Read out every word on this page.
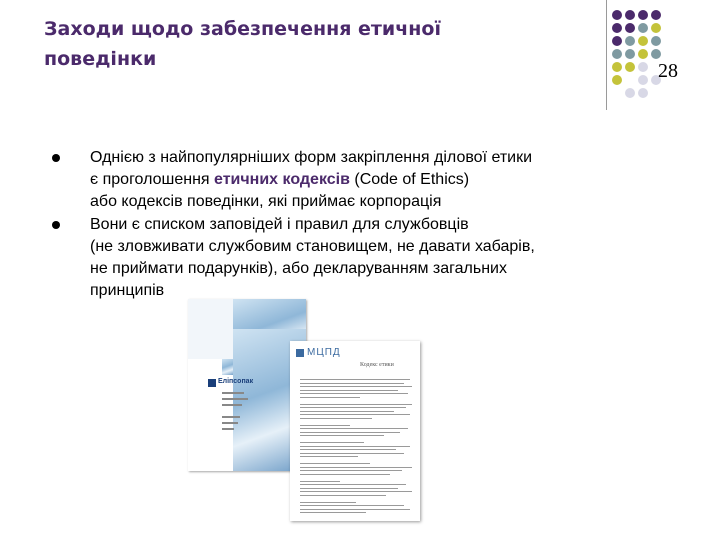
Заходи щодо забезпечення етичної
поведінки
28
Однією з найпопулярніших форм закріплення ділової етики
є проголошення етичних кодексів (Code of Ethics)
або кодексів поведінки, які приймає корпорація
Вони є списком заповідей і правил для службовців
(не зловживати службовим становищем, не давати хабарів,
не приймати подарунків), або декларуванням загальних
принципів
Еліпсопак
МЦПД
Кодекс етики
